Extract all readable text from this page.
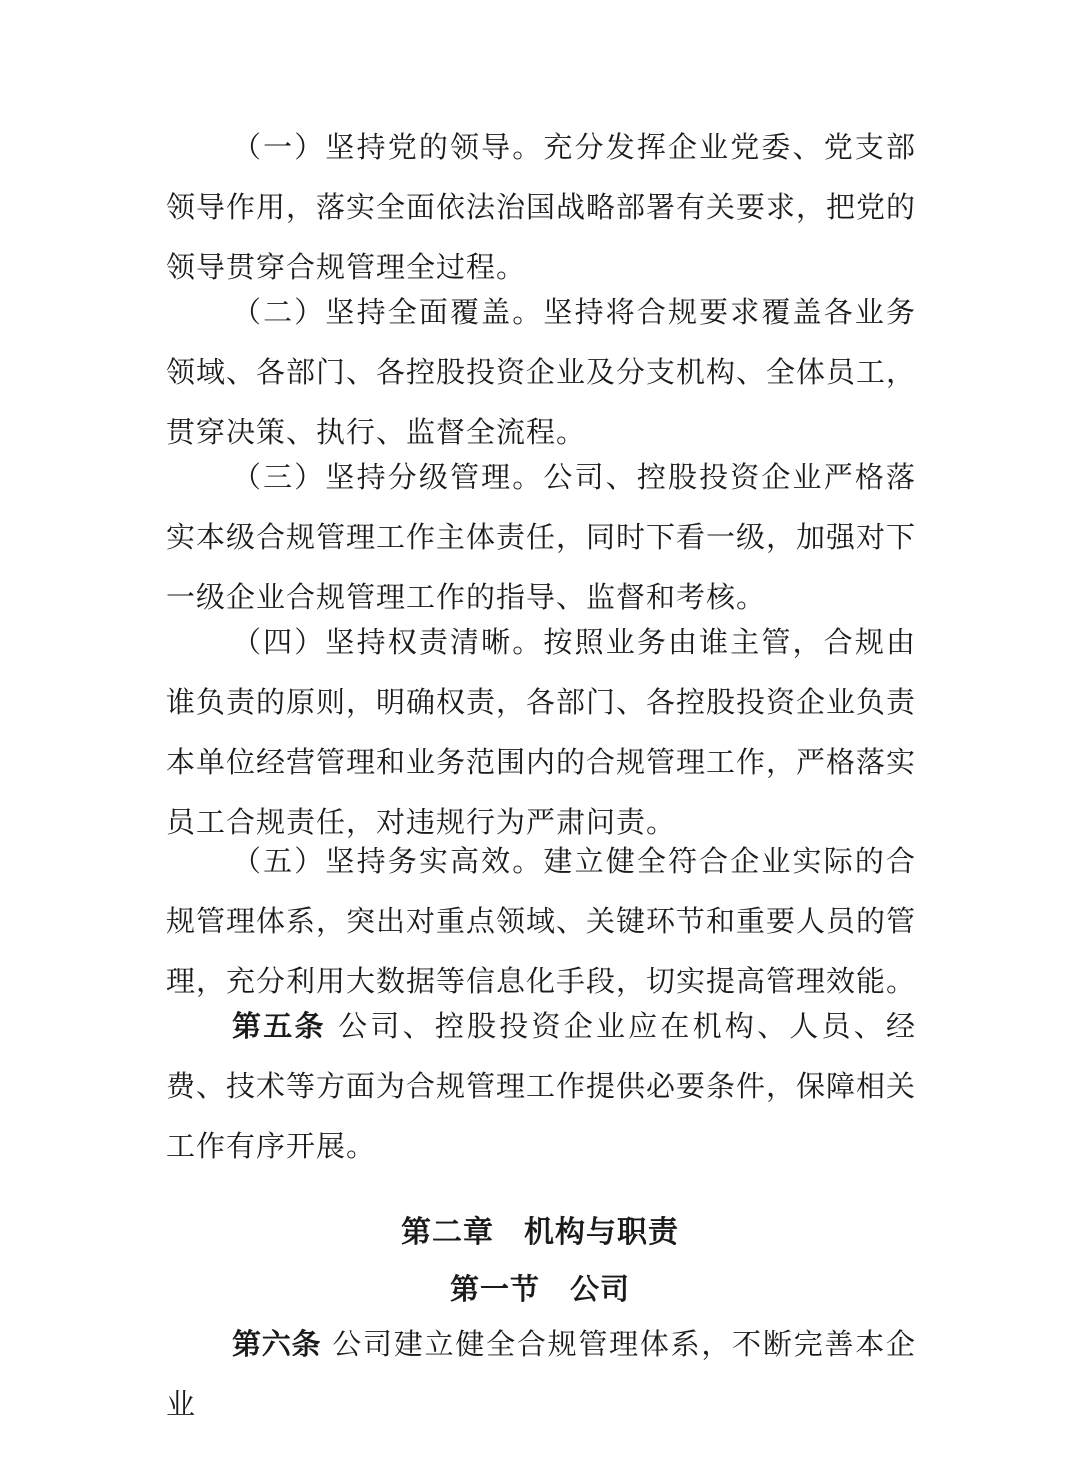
（一）坚持党的领导。充分发挥企业党委、党支部领导作用，落实全面依法治国战略部署有关要求，把党的领导贯穿合规管理全过程。

（二）坚持全面覆盖。坚持将合规要求覆盖各业务领域、各部门、各控股投资企业及分支机构、全体员工，贯穿决策、执行、监督全流程。

（三）坚持分级管理。公司、控股投资企业严格落实本级合规管理工作主体责任，同时下看一级，加强对下一级企业合规管理工作的指导、监督和考核。

（四）坚持权责清晰。按照业务由谁主管，合规由谁负责的原则，明确权责，各部门、各控股投资企业负责本单位经营管理和业务范围内的合规管理工作，严格落实员工合规责任，对违规行为严肃问责。

（五）坚持务实高效。建立健全符合企业实际的合规管理体系，突出对重点领域、关键环节和重要人员的管理，充分利用大数据等信息化手段，切实提高管理效能。

第五条 公司、控股投资企业应在机构、人员、经费、技术等方面为合规管理工作提供必要条件，保障相关工作有序开展。

第二章 机构与职责
第一节 公司

第六条 公司建立健全合规管理体系，不断完善本企业
